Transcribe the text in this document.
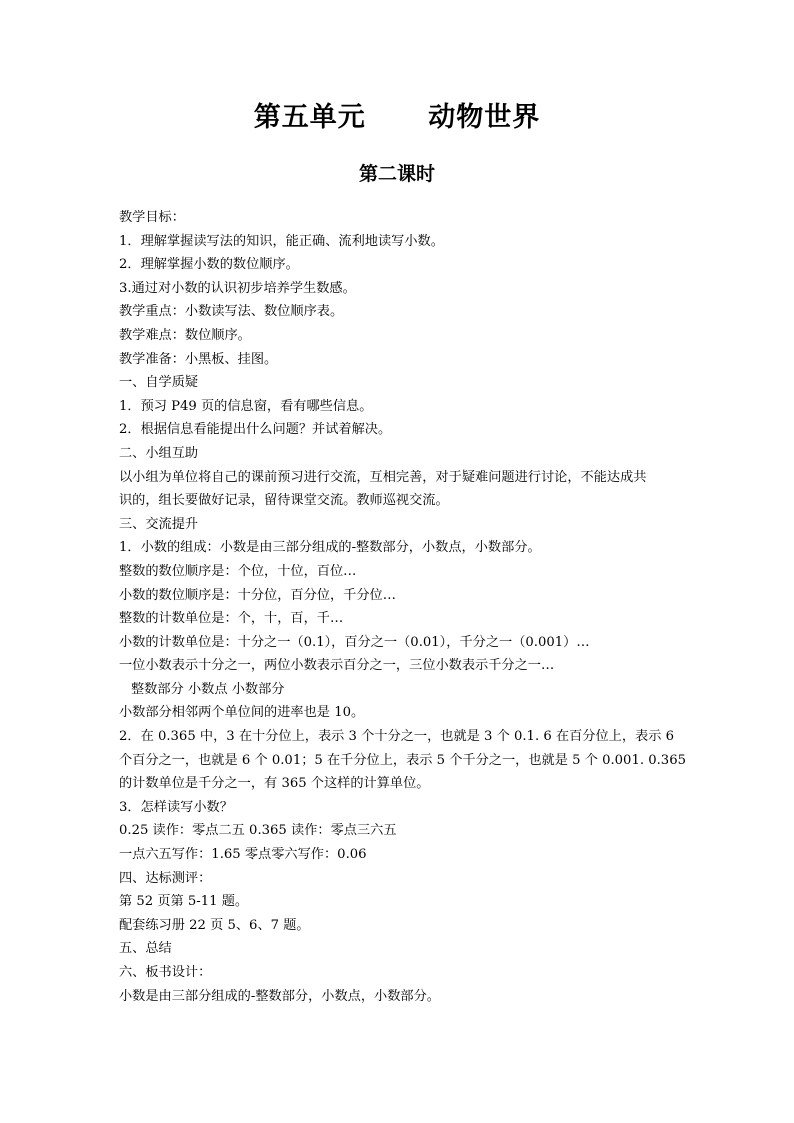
第五单元      动物世界
第二课时
教学目标：
1．理解掌握读写法的知识，能正确、流利地读写小数。
2．理解掌握小数的数位顺序。
3.通过对小数的认识初步培养学生数感。
教学重点：小数读写法、数位顺序表。
教学难点：数位顺序。
教学准备：小黑板、挂图。
一、自学质疑
1．预习 P49 页的信息窗，看有哪些信息。
2．根据信息看能提出什么问题？并试着解决。
二、小组互助
以小组为单位将自己的课前预习进行交流，互相完善，对于疑难问题进行讨论，不能达成共
识的，组长要做好记录，留待课堂交流。教师巡视交流。
三、交流提升
1．小数的组成：小数是由三部分组成的-整数部分，小数点，小数部分。
整数的数位顺序是：个位，十位，百位…
小数的数位顺序是：十分位，百分位，千分位…
整数的计数单位是：个，十，百，千…
小数的计数单位是：十分之一（0.1），百分之一（0.01），千分之一（0.001）…
一位小数表示十分之一，两位小数表示百分之一，三位小数表示千分之一…
整数部分 小数点 小数部分
小数部分相邻两个单位间的进率也是 10。
2．在 0.365 中，3 在十分位上，表示 3 个十分之一，也就是 3 个 0.1. 6 在百分位上，表示 6
个百分之一，也就是 6 个 0.01；5 在千分位上，表示 5 个千分之一，也就是 5 个 0.001. 0.365
的计数单位是千分之一，有 365 个这样的计算单位。
3．怎样读写小数？
0.25 读作：零点二五 0.365 读作：零点三六五
一点六五写作：1.65 零点零六写作：0.06
四、达标测评：
第 52 页第 5-11 题。
配套练习册 22 页 5、6、7 题。
五、总结
六、板书设计：
小数是由三部分组成的-整数部分，小数点，小数部分。
